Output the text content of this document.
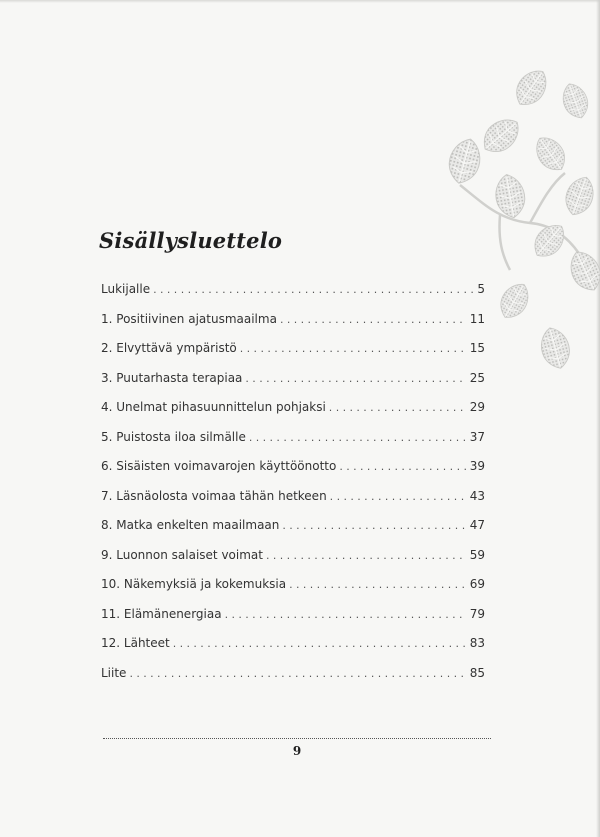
Sisällysluettelo
Lukijalle .....	5
1. Positiivinen ajatusmaailma .....	11
2. Elvyttävä ympäristö .....	15
3. Puutarhasta terapiaa .....	25
4. Unelmat pihasuunnittelun pohjaksi .....	29
5. Puistosta iloa silmälle .....	37
6. Sisäisten voimavarojen käyttöönotto .....	39
7. Läsnäolosta voimaa tähän hetkeen .....	43
8. Matka enkelten maailmaan .....	47
9. Luonnon salaiset voimat .....	59
10. Näkemyksiä ja kokemuksia .....	69
11. Elämänenergiaa .....	79
12. Lähteet .....	83
Liite .....	85
9
